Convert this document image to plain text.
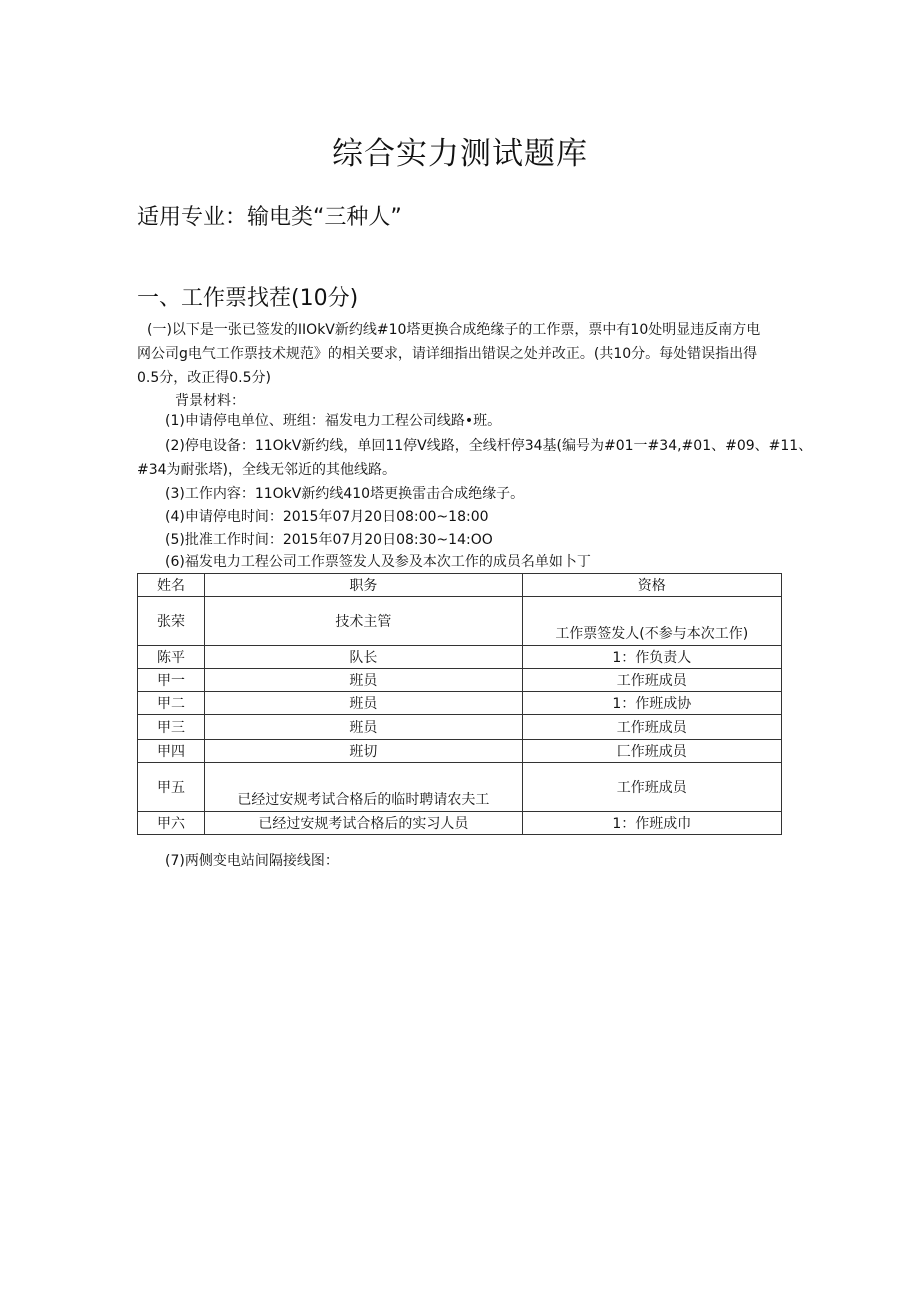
综合实力测试题库
适用专业：输电类“三种人”
一、工作票找茬(10分)
(一)以下是一张已签发的IIOkV新约线#10塔更换合成绝缘子的工作票，票中有10处明显违反南方电
网公司g电气工作票技术规范》的相关要求，请详细指出错误之处并改正。(共10分。每处错误指出得
0.5分，改正得0.5分)
背景材料：
(1)申请停电单位、班组：福发电力工程公司线路•班。
(2)停电设备：11OkV新约线，单回11停V线路，全线杆停34基(编号为#01一#34,#01、#09、#11、
#34为耐张塔)，全线无邻近的其他线路。
(3)工作内容：11OkV新约线410塔更换雷击合成绝缘子。
(4)申请停电时间：2015年07月20日08:00~18:00
(5)批准工作时间：2015年07月20日08:30~14:OO
(6)福发电力工程公司工作票签发人及参及本次工作的成员名单如卜丁
姓名	职务	资格
张荣	技术主管	工作票签发人(不参与本次工作)
陈平	队长	1：作负责人
甲一	班员	工作班成员
甲二	班员	1：作班成协
甲三	班员	工作班成员
甲四	班切	匚作班成员
甲五	已经过安规考试合格后的临时聘请农夫工	工作班成员
甲六	已经过安规考试合格后的实习人员	1：作班成巾
(7)两侧变电站间隔接线图：
